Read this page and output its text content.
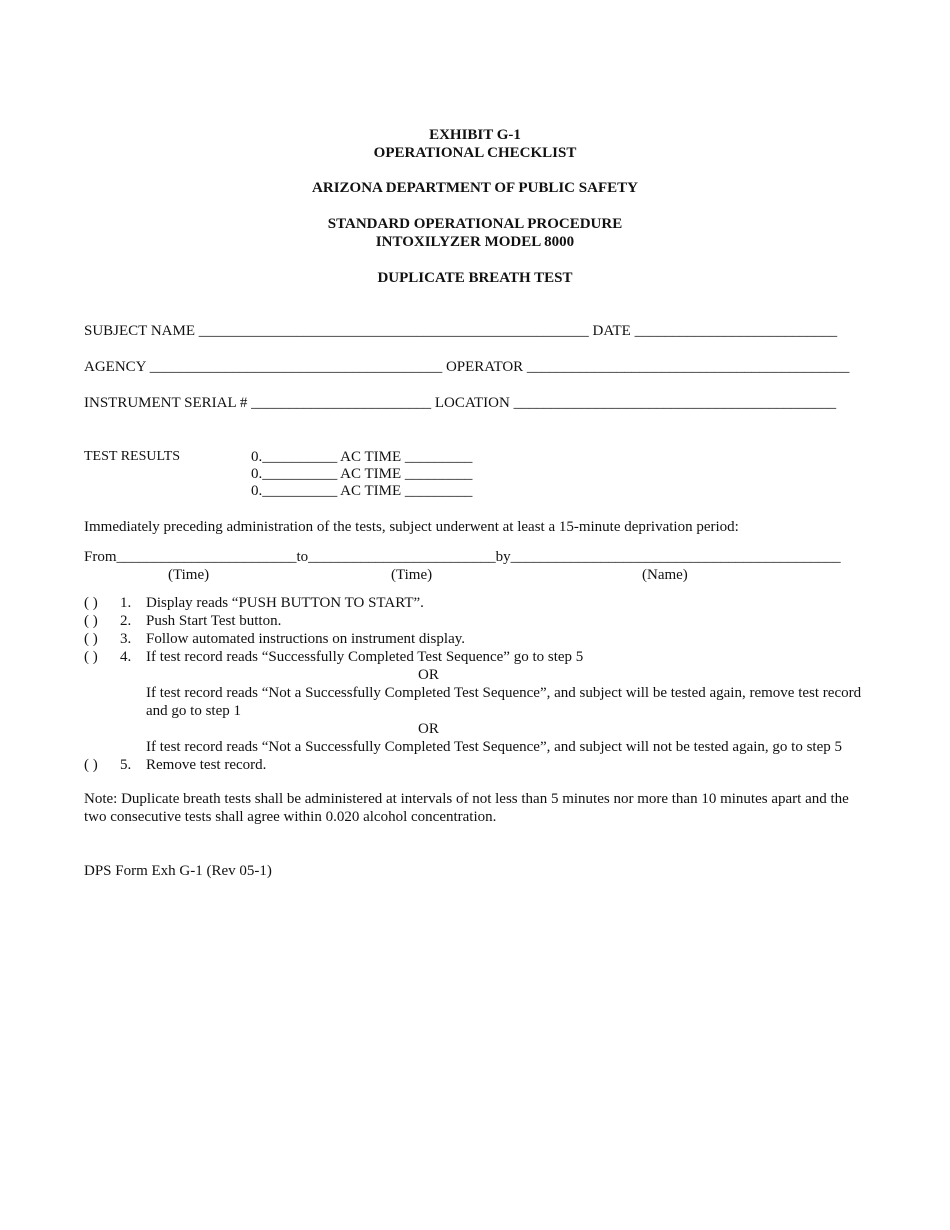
EXHIBIT G-1
OPERATIONAL CHECKLIST
ARIZONA DEPARTMENT OF PUBLIC SAFETY
STANDARD OPERATIONAL PROCEDURE
INTOXILYZER MODEL 8000
DUPLICATE BREATH TEST
SUBJECT NAME ____________________________________________________ DATE ___________________________
AGENCY _______________________________________ OPERATOR ___________________________________________
INSTRUMENT SERIAL # ________________________ LOCATION ___________________________________________
TEST RESULTS	0.__________ AC TIME _________
0.__________ AC TIME _________
0.__________ AC TIME _________
Immediately preceding administration of the tests, subject underwent at least a 15-minute deprivation period:
From________________________to_________________________by____________________________________________
(Time)	(Time)	(Name)
( ) 1. Display reads “PUSH BUTTON TO START”.
( ) 2. Push Start Test button.
( ) 3. Follow automated instructions on instrument display.
( ) 4. If test record reads “Successfully Completed Test Sequence” go to step 5
OR
If test record reads “Not a Successfully Completed Test Sequence”, and subject will be tested again, remove test record and go to step 1
OR
If test record reads “Not a Successfully Completed Test Sequence”, and subject will not be tested again, go to step 5
( ) 5. Remove test record.
Note: Duplicate breath tests shall be administered at intervals of not less than 5 minutes nor more than 10 minutes apart and the two consecutive tests shall agree within 0.020 alcohol concentration.
DPS Form Exh G-1 (Rev 05-1)
